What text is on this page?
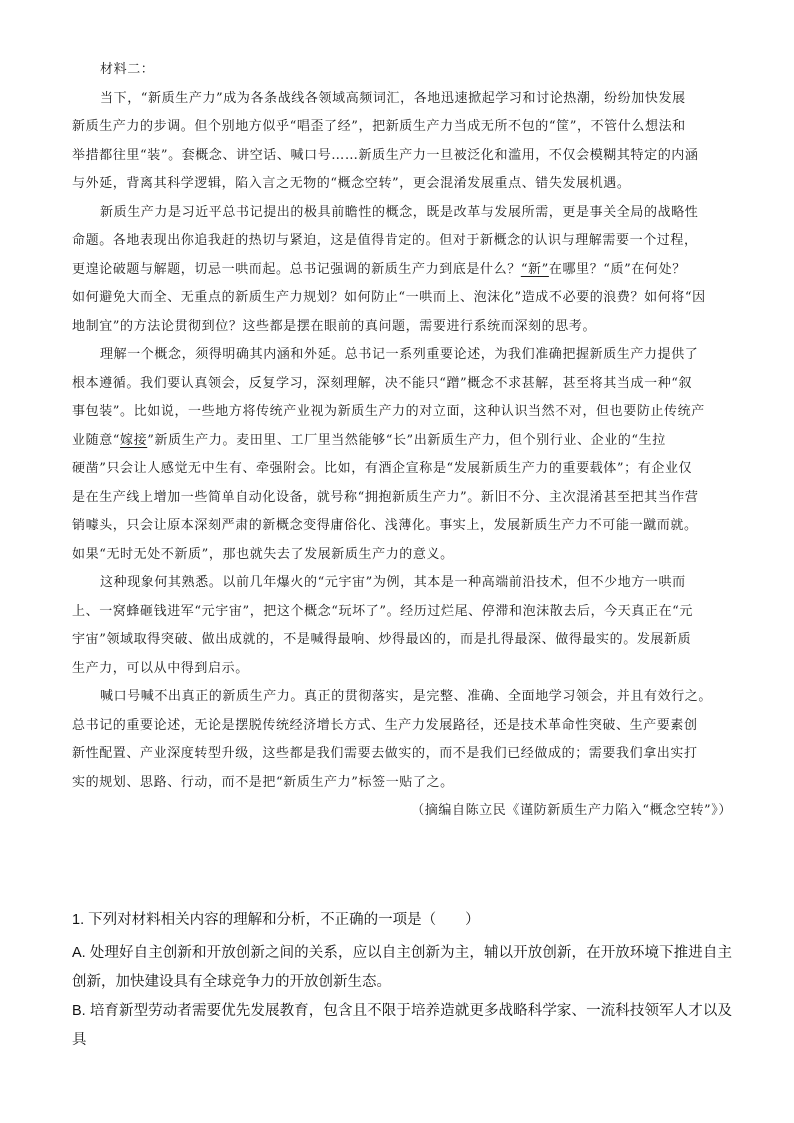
材料二：

当下，“新质生产力”成为各条战线各领域高频词汇，各地迅速掀起学习和讨论热潮，纷纷加快发展

新质生产力的步调。但个别地方似乎“唱歪了经”，把新质生产力当成无所不包的“筐”，不管什么想法和

举措都往里“装”。套概念、讲空话、喊口号……新质生产力一旦被泛化和滥用，不仅会模糊其特定的内涵

与外延，背离其科学逻辑，陷入言之无物的“概念空转”，更会混淆发展重点、错失发展机遇。

新质生产力是习近平总书记提出的极具前瞻性的概念，既是改革与发展所需，更是事关全局的战略性

命题。各地表现出你追我赶的热切与紧迫，这是值得肯定的。但对于新概念的认识与理解需要一个过程，

更遑论破题与解题，切忌一哄而起。总书记强调的新质生产力到底是什么？“新”在哪里？“质”在何处？

如何避免大而全、无重点的新质生产力规划？如何防止“一哄而上、泡沫化”造成不必要的浪费？如何将“因

地制宜”的方法论贯彻到位？这些都是摆在眼前的真问题，需要进行系统而深刻的思考。

理解一个概念，须得明确其内涵和外延。总书记一系列重要论述，为我们准确把握新质生产力提供了

根本遵循。我们要认真领会，反复学习，深刻理解，决不能只“蹭”概念不求甚解，甚至将其当成一种“叙

事包装”。比如说，一些地方将传统产业视为新质生产力的对立面，这种认识当然不对，但也要防止传统产

业随意“嫁接”新质生产力。麦田里、工厂里当然能够“长”出新质生产力，但个别行业、企业的“生拉

硬凿”只会让人感觉无中生有、牵强附会。比如，有酒企宣称是“发展新质生产力的重要载体”；有企业仅

是在生产线上增加一些简单自动化设备，就号称“拥抱新质生产力”。新旧不分、主次混淆甚至把其当作营

销噱头，只会让原本深刻严肃的新概念变得庸俗化、浅薄化。事实上，发展新质生产力不可能一蹴而就。

如果“无时无处不新质”，那也就失去了发展新质生产力的意义。

这种现象何其熟悉。以前几年爆火的“元宇宙”为例，其本是一种高端前沿技术，但不少地方一哄而

上、一窝蜂砸钱进军“元宇宙”，把这个概念“玩坏了”。经历过烂尾、停滞和泡沫散去后，今天真正在“元

宇宙”领域取得突破、做出成就的，不是喊得最响、炒得最凶的，而是扎得最深、做得最实的。发展新质

生产力，可以从中得到启示。

喊口号喊不出真正的新质生产力。真正的贯彻落实，是完整、准确、全面地学习领会，并且有效行之。

总书记的重要论述，无论是摆脱传统经济增长方式、生产力发展路径，还是技术革命性突破、生产要素创

新性配置、产业深度转型升级，这些都是我们需要去做实的，而不是我们已经做成的；需要我们拿出实打

实的规划、思路、行动，而不是把“新质生产力”标签一贴了之。

（摘编自陈立民《谨防新质生产力陷入“概念空转”》）

1. 下列对材料相关内容的理解和分析，不正确的一项是（　　）

A. 处理好自主创新和开放创新之间的关系，应以自主创新为主，辅以开放创新，在开放环境下推进自主创新，加快建设具有全球竞争力的开放创新生态。

B. 培育新型劳动者需要优先发展教育，包含且不限于培养造就更多战略科学家、一流科技领军人才以及具
